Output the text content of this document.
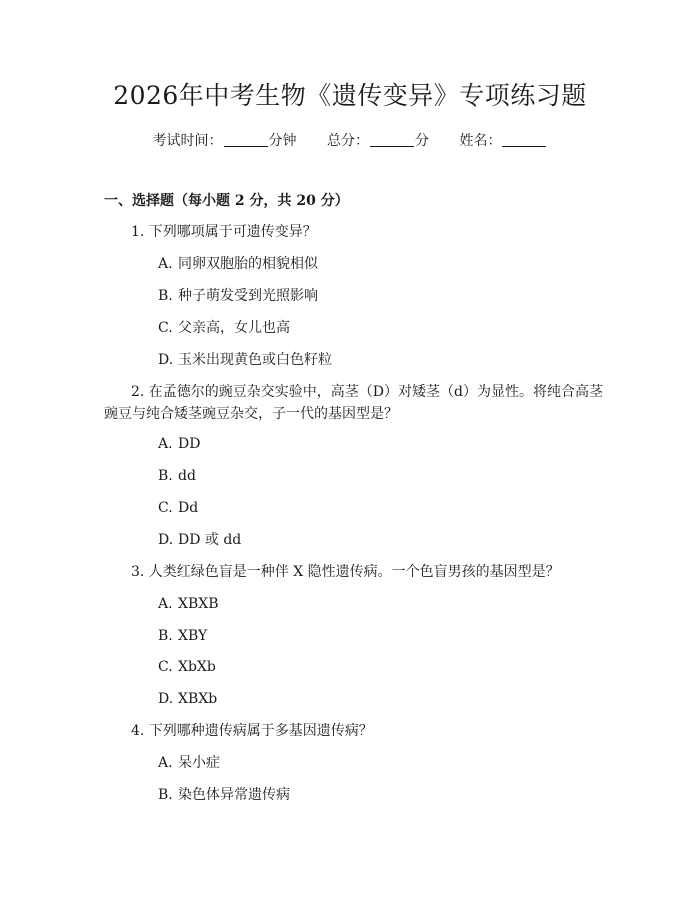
2026年中考生物《遗传变异》专项练习题
考试时间：	分钟 总分：	分 姓名：
一、选择题（每小题 2 分，共 20 分）
1. 下列哪项属于可遗传变异？
A. 同卵双胞胎的相貌相似
B. 种子萌发受到光照影响
C. 父亲高，女儿也高
D. 玉米出现黄色或白色籽粒
2. 在孟德尔的豌豆杂交实验中，高茎（D）对矮茎（d）为显性。将纯合高茎
豌豆与纯合矮茎豌豆杂交，子一代的基因型是？
A. DD
B. dd
C. Dd
D. DD 或 dd
3. 人类红绿色盲是一种伴 X 隐性遗传病。一个色盲男孩的基因型是？
A. XBXB
B. XBY
C. XbXb
D. XBXb
4. 下列哪种遗传病属于多基因遗传病？
A. 呆小症
B. 染色体异常遗传病
